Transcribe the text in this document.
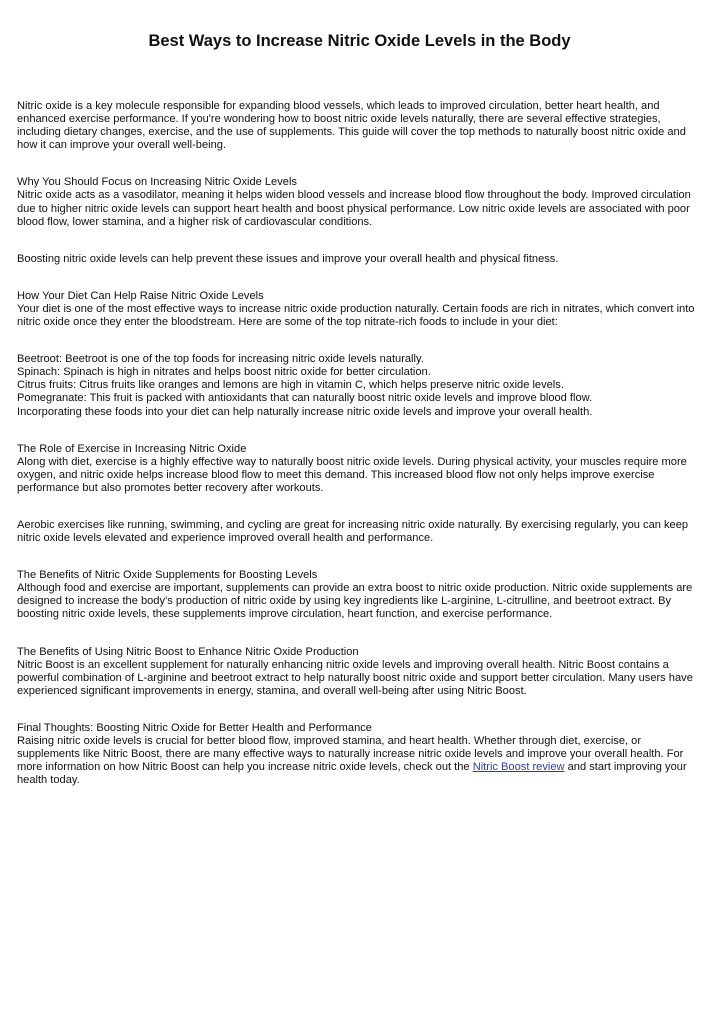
Best Ways to Increase Nitric Oxide Levels in the Body

Nitric oxide is a key molecule responsible for expanding blood vessels, which leads to improved circulation, better heart health, and enhanced exercise performance. If you're wondering how to boost nitric oxide levels naturally, there are several effective strategies, including dietary changes, exercise, and the use of supplements. This guide will cover the top methods to naturally boost nitric oxide and how it can improve your overall well-being.

Why You Should Focus on Increasing Nitric Oxide Levels
Nitric oxide acts as a vasodilator, meaning it helps widen blood vessels and increase blood flow throughout the body. Improved circulation due to higher nitric oxide levels can support heart health and boost physical performance. Low nitric oxide levels are associated with poor blood flow, lower stamina, and a higher risk of cardiovascular conditions.

Boosting nitric oxide levels can help prevent these issues and improve your overall health and physical fitness.

How Your Diet Can Help Raise Nitric Oxide Levels
Your diet is one of the most effective ways to increase nitric oxide production naturally. Certain foods are rich in nitrates, which convert into nitric oxide once they enter the bloodstream. Here are some of the top nitrate-rich foods to include in your diet:

Beetroot: Beetroot is one of the top foods for increasing nitric oxide levels naturally.
Spinach: Spinach is high in nitrates and helps boost nitric oxide for better circulation.
Citrus fruits: Citrus fruits like oranges and lemons are high in vitamin C, which helps preserve nitric oxide levels.
Pomegranate: This fruit is packed with antioxidants that can naturally boost nitric oxide levels and improve blood flow.
Incorporating these foods into your diet can help naturally increase nitric oxide levels and improve your overall health.

The Role of Exercise in Increasing Nitric Oxide
Along with diet, exercise is a highly effective way to naturally boost nitric oxide levels. During physical activity, your muscles require more oxygen, and nitric oxide helps increase blood flow to meet this demand. This increased blood flow not only helps improve exercise performance but also promotes better recovery after workouts.

Aerobic exercises like running, swimming, and cycling are great for increasing nitric oxide naturally. By exercising regularly, you can keep nitric oxide levels elevated and experience improved overall health and performance.

The Benefits of Nitric Oxide Supplements for Boosting Levels
Although food and exercise are important, supplements can provide an extra boost to nitric oxide production. Nitric oxide supplements are designed to increase the body’s production of nitric oxide by using key ingredients like L-arginine, L-citrulline, and beetroot extract. By boosting nitric oxide levels, these supplements improve circulation, heart function, and exercise performance.

The Benefits of Using Nitric Boost to Enhance Nitric Oxide Production
Nitric Boost is an excellent supplement for naturally enhancing nitric oxide levels and improving overall health. Nitric Boost contains a powerful combination of L-arginine and beetroot extract to help naturally boost nitric oxide and support better circulation. Many users have experienced significant improvements in energy, stamina, and overall well-being after using Nitric Boost.

Final Thoughts: Boosting Nitric Oxide for Better Health and Performance
Raising nitric oxide levels is crucial for better blood flow, improved stamina, and heart health. Whether through diet, exercise, or supplements like Nitric Boost, there are many effective ways to naturally increase nitric oxide levels and improve your overall health. For more information on how Nitric Boost can help you increase nitric oxide levels, check out the Nitric Boost review and start improving your health today.
